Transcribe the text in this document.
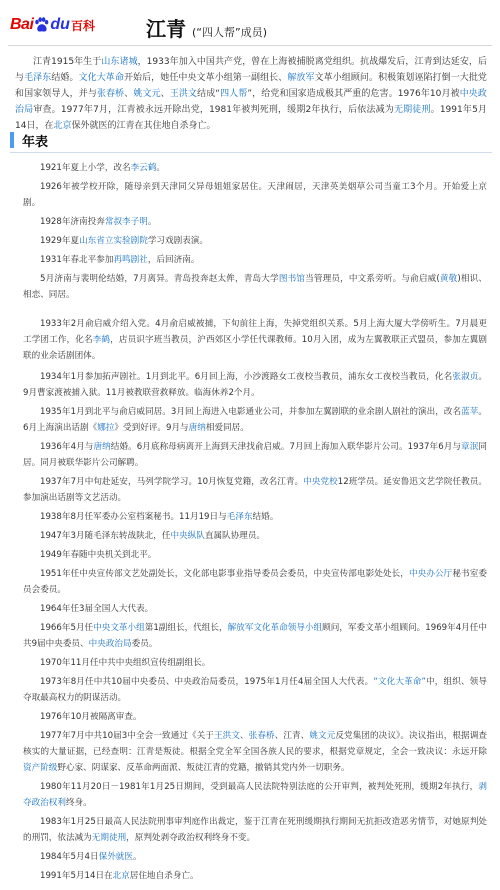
Bai du 百科	江青 (“四人帮”成员)
江青1915年生于山东诸城，1933年加入中国共产党，曾在上海被捕脱离党组织。抗战爆发后，江青到达延安，后与毛泽东结婚。文化大革命开始后，她任中央文革小组第一副组长、解放军文革小组顾问。积极策划诬陷打倒一大批党和国家领导人，并与张春桥、姚文元、王洪文结成“四人帮”，给党和国家造成极其严重的危害。1976年10月被中央政治局审查。1977年7月，江青被永远开除出党，1981年被判死刑，缓期2年执行，后依法减为无期徒刑。1991年5月14日，在北京保外就医的江青在其住地自杀身亡。
年表
1921年夏上小学，改名李云鹤。
1926年被学校开除，随母亲到天津同父异母姐姐家居住。天津闹居，天津英美烟草公司当童工3个月。开始爱上京剧。
1928年济南投奔常叔李子明。
1929年夏山东省立实验剧院学习戏剧表演。
1931年春北平参加再鸣剧社，后回济南。
5月济南与裴明伦结婚，7月离异。青岛投奔赵太侔，青岛大学图书馆当管理员，中文系旁听。与俞启威(黄敬)相识、相恋、同居。
1933年2月俞启威介绍入党。4月俞启威被捕，下旬前往上海，失掉党组织关系。5月上海大厦大学傍听生。7月晨更工学团工作，化名李鹤，店员识字班当教员，沪西郊区小学任代课教师。10月入团，成为左翼教联正式盟员，参加左翼剧联的业余话剧团体。
1934年1月参加拓声剧社。1月到北平。6月回上海，小沙渡路女工夜校当教员，浦东女工夜校当教员，化名张淑贞。9月曹家渡被捕入狱。11月被教联营救释放。临海休养2个月。
1935年1月到北平与俞启威同居。3月回上海进入电影通业公司，并参加左翼剧联的业余剧人剧社的演出，改名蓝苹。6月上海演出话剧《娜拉》受到好评。9月与唐纳相爱同居。
1936年4月与唐纳结婚。6月底称母病离开上海到天津找俞启威。7月回上海加入联华影片公司。1937年6月与章泯同居。同月被联华影片公司解聘。
1937年7月中旬赴延安，马列学院学习。10月恢复党籍，改名江青。中央党校12班学员。延安鲁迅文艺学院任教员。参加演出话剧等文艺活动。
1938年8月任军委办公室档案秘书。11月19日与毛泽东结婚。
1947年3月随毛泽东转战陕北，任中央纵队直属队协理员。
1949年春随中央机关到北平。
1951年任中央宣传部文艺处副处长，文化部电影事业指导委员会委员，中央宣传部电影处处长，中央办公厅秘书室委员会委员。
1964年任3届全国人大代表。
1966年5月任中央文革小组第1副组长，代组长，解放军文化革命领导小组顾问，军委文革小组顾问。1969年4月任中共9届中央委员、中央政治局委员。
1970年11月任中共中央组织宣传组副组长。
1973年8月任中共10届中央委员、中央政治局委员，1975年1月任4届全国人大代表。“文化大革命”中，组织、领导夺取最高权力的阴谋活动。
1976年10月被隔离审查。
1977年7月中共10届3中全会一致通过《关于王洪文、张春桥、江青、姚文元反党集团的决议》。决议指出，根据调查核实的大量证据，已经查明：江青是叛徒。根据全党全军全国各族人民的要求，根据党章规定，全会一致决议：永远开除资产阶级野心家、阴谋家、反革命两面派、叛徒江青的党籍，撤销其党内外一切职务。
1980年11月20日－1981年1月25日期间，受到最高人民法院特别法庭的公开审判，被判处死刑，缓期2年执行，剥夺政治权利终身。
1983年1月25日最高人民法院刑事审判庭作出裁定，鉴于江青在死刑缓期执行期间无抗拒改造恶劣情节，对她原判处的刑罚，依法减为无期徒刑，原判处剥夺政治权利终身不变。
1984年5月4日保外就医。
1991年5月14日在北京居住地自杀身亡。
